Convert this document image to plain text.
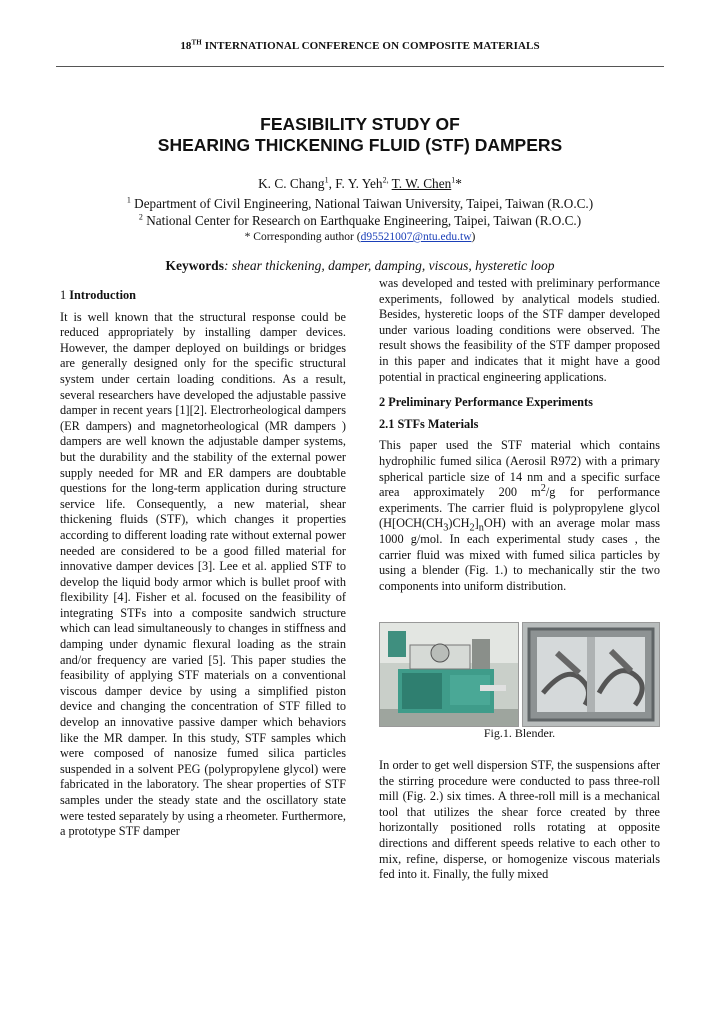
18TH INTERNATIONAL CONFERENCE ON COMPOSITE MATERIALS
FEASIBILITY STUDY OF
SHEARING THICKENING FLUID (STF) DAMPERS
K. C. Chang$^1$, F. Y. Yeh$^{2,}$ T. W. Chen$^1$*
$^1$ Department of Civil Engineering, National Taiwan University, Taipei, Taiwan (R.O.C.)
$^2$ National Center for Research on Earthquake Engineering, Taipei, Taiwan (R.O.C.)
* Corresponding author (d95521007@ntu.edu.tw)
Keywords: shear thickening, damper, damping, viscous, hysteretic loop

1 Introduction

It is well known that the structural response could be reduced appropriately by installing damper devices. However, the damper deployed on buildings or bridges are generally designed only for the specific structural system under certain loading conditions. As a result, several researchers have developed the adjustable passive damper in recent years [1][2]. Electrorheological dampers (ER dampers) and magnetorheological (MR dampers ) dampers are well known the adjustable damper systems, but the durability and the stability of the external power supply needed for MR and ER dampers are doubtable questions for the long-term application during structure service life. Consequently, a new material, shear thickening fluids (STF), which changes it properties according to different loading rate without external power needed are considered to be a good filled material for innovative damper devices [3]. Lee et al. applied STF to develop the liquid body armor which is bullet proof with flexibility [4]. Fisher et al. focused on the feasibility of integrating STFs into a composite sandwich structure which can lead simultaneously to changes in stiffness and damping under dynamic flexural loading as the strain and/or frequency are varied [5]. This paper studies the feasibility of applying STF materials on a conventional viscous damper device by using a simplified piston device and changing the concentration of STF filled to develop an innovative passive damper which behaviors like the MR damper. In this study, STF samples which were composed of nanosize fumed silica particles suspended in a solvent PEG (polypropylene glycol) were fabricated in the laboratory. The shear properties of STF samples under the steady state and the oscillatory state were tested separately by using a rheometer. Furthermore, a prototype STF damper

was developed and tested with preliminary performance experiments, followed by analytical models studied. Besides, hysteretic loops of the STF damper developed under various loading conditions were observed. The result shows the feasibility of the STF damper proposed in this paper and indicates that it might have a good potential in practical engineering applications.

2 Preliminary Performance Experiments

2.1 STFs Materials

This paper used the STF material which contains hydrophilic fumed silica (Aerosil R972) with a primary spherical particle size of 14 nm and a specific surface area approximately 200 $m^2/g$ for performance experiments. The carrier fluid is polypropylene glycol $(H[OCH(CH_3)CH_2]_nOH)$ with an average molar mass 1000 g/mol. In each experimental study cases , the carrier fluid was mixed with fumed silica particles by using a blender (Fig. 1.) to mechanically stir the two components into uniform distribution.

Fig.1. Blender.

In order to get well dispersion STF, the suspensions after the stirring procedure were conducted to pass three-roll mill (Fig. 2.) six times. A three-roll mill is a mechanical tool that utilizes the shear force created by three horizontally positioned rolls rotating at opposite directions and different speeds relative to each other to mix, refine, disperse, or homogenize viscous materials fed into it. Finally, the fully mixed
